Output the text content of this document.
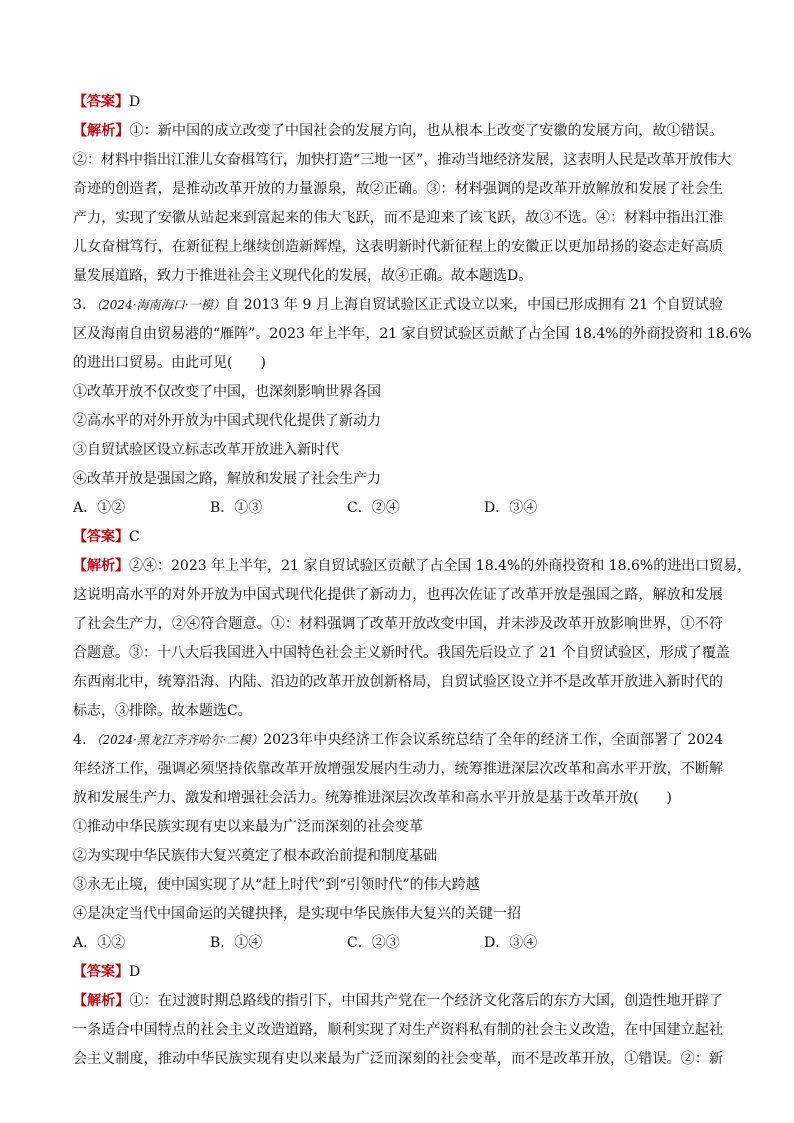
【答案】D
【解析】①：新中国的成立改变了中国社会的发展方向，也从根本上改变了安徽的发展方向，故①错误。
②：材料中指出江淮儿女奋楫笃行，加快打造“三地一区”，推动当地经济发展，这表明人民是改革开放伟大
奇迹的创造者，是推动改革开放的力量源泉，故②正确。③：材料强调的是改革开放解放和发展了社会生
产力，实现了安徽从站起来到富起来的伟大飞跃，而不是迎来了该飞跃，故③不选。④：材料中指出江淮
儿女奋楫笃行，在新征程上继续创造新辉煌，这表明新时代新征程上的安徽正以更加昂扬的姿态走好高质
量发展道路，致力于推进社会主义现代化的发展，故④正确。故本题选D。
3．（2024·海南海口·一模）自 2013 年 9 月上海自贸试验区正式设立以来，中国已形成拥有 21 个自贸试验
区及海南自由贸易港的“雁阵”。2023 年上半年，21 家自贸试验区贡献了占全国 18.4%的外商投资和 18.6%
的进出口贸易。由此可见(　　)
①改革开放不仅改变了中国，也深刻影响世界各国
②高水平的对外开放为中国式现代化提供了新动力
③自贸试验区设立标志改革开放进入新时代
④改革开放是强国之路，解放和发展了社会生产力
A．①②	B．①③	C．②④	D．③④
【答案】C
【解析】②④：2023 年上半年，21 家自贸试验区贡献了占全国 18.4%的外商投资和 18.6%的进出口贸易，
这说明高水平的对外开放为中国式现代化提供了新动力，也再次佐证了改革开放是强国之路，解放和发展
了社会生产力，②④符合题意。①：材料强调了改革开放改变中国，并未涉及改革开放影响世界，①不符
合题意。③：十八大后我国进入中国特色社会主义新时代。我国先后设立了 21 个自贸试验区，形成了覆盖
东西南北中，统筹沿海、内陆、沿边的改革开放创新格局，自贸试验区设立并不是改革开放进入新时代的
标志，③排除。故本题选C。
4．（2024·黑龙江齐齐哈尔·二模）2023年中央经济工作会议系统总结了全年的经济工作，全面部署了 2024
年经济工作，强调必须坚持依靠改革开放增强发展内生动力，统筹推进深层次改革和高水平开放，不断解
放和发展生产力、激发和增强社会活力。统筹推进深层次改革和高水平开放是基于改革开放(　　)
①推动中华民族实现有史以来最为广泛而深刻的社会变革
②为实现中华民族伟大复兴奠定了根本政治前提和制度基础
③永无止境，使中国实现了从“赶上时代”到“引领时代”的伟大跨越
④是决定当代中国命运的关键抉择，是实现中华民族伟大复兴的关键一招
A．①②	B．①④	C．②③	D．③④
【答案】D
【解析】①：在过渡时期总路线的指引下，中国共产党在一个经济文化落后的东方大国，创造性地开辟了
一条适合中国特点的社会主义改造道路，顺利实现了对生产资料私有制的社会主义改造，在中国建立起社
会主义制度，推动中华民族实现有史以来最为广泛而深刻的社会变革，而不是改革开放，①错误。②：新
